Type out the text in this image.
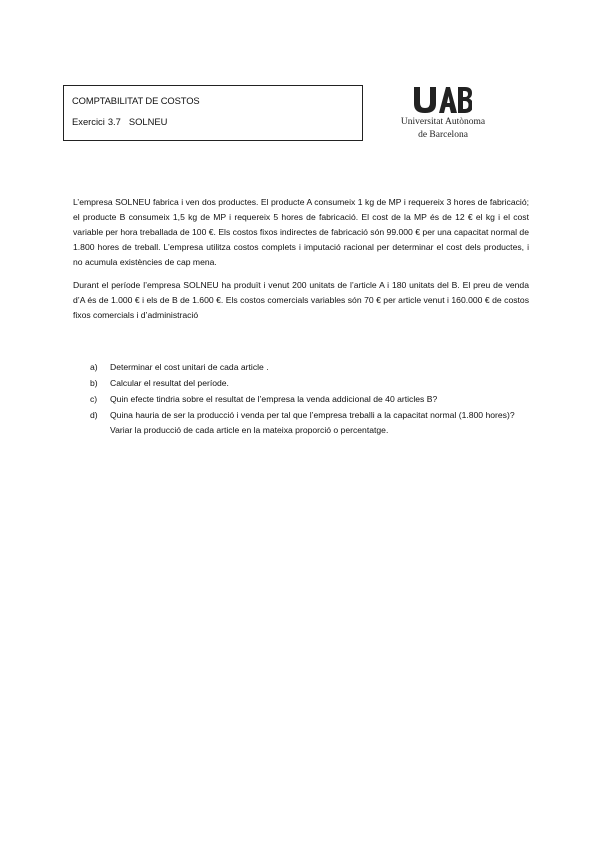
COMPTABILITAT DE COSTOS
Exercici 3.7 SOLNEU	Universitat Autònoma
de Barcelona

L’empresa SOLNEU fabrica i ven dos productes. El producte A consumeix 1 kg de MP i requereix 3 hores de fabricació; el producte B consumeix 1,5 kg de MP i requereix 5 hores de fabricació. El cost de la MP és de 12 € el kg i el cost variable per hora treballada de 100 €. Els costos fixos indirectes de fabricació són 99.000 € per una capacitat normal de 1.800 hores de treball. L’empresa utilitza costos complets i imputació racional per determinar el cost dels productes, i no acumula existències de cap mena.

Durant el període l’empresa SOLNEU ha produït i venut 200 unitats de l’article A i 180 unitats del B. El preu de venda d’A és de 1.000 € i els de B de 1.600 €. Els costos comercials variables són 70 € per article venut i 160.000 € de costos fixos comercials i d’administració

a)	Determinar el cost unitari de cada article .
b)	Calcular el resultat del període.
c)	Quin efecte tindria sobre el resultat de l’empresa la venda addicional de 40 articles B?
d)	Quina hauria de ser la producció i venda per tal que l’empresa treballi a la capacitat normal (1.800 hores)? Variar la producció de cada article en la mateixa proporció o percentatge.
